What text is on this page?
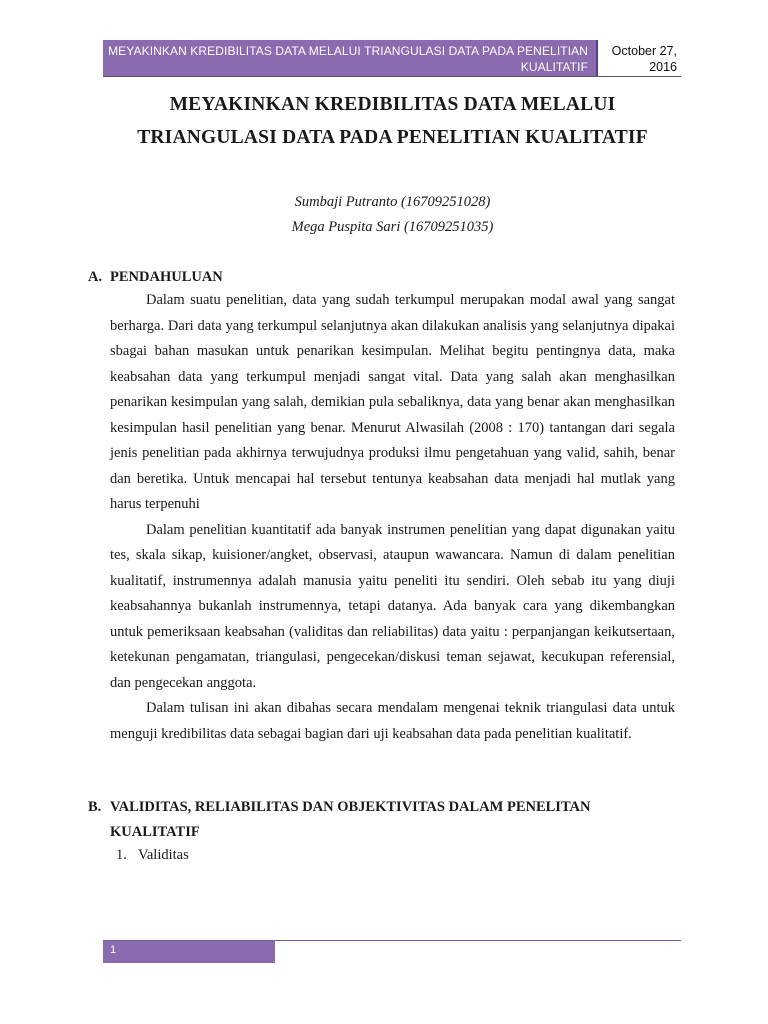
MEYAKINKAN KREDIBILITAS DATA MELALUI TRIANGULASI DATA PADA PENELITIAN
KUALITATIF
October 27,
2016
MEYAKINKAN KREDIBILITAS DATA MELALUI
TRIANGULASI DATA PADA PENELITIAN KUALITATIF
Sumbaji Putranto (16709251028)
Mega Puspita Sari (16709251035)
A. PENDAHULUAN

Dalam suatu penelitian, data yang sudah terkumpul merupakan modal awal yang sangat berharga. Dari data yang terkumpul selanjutnya akan dilakukan analisis yang selanjutnya dipakai sbagai bahan masukan untuk penarikan kesimpulan. Melihat begitu pentingnya data, maka keabsahan data yang terkumpul menjadi sangat vital. Data yang salah akan menghasilkan penarikan kesimpulan yang salah, demikian pula sebaliknya, data yang benar akan menghasilkan kesimpulan hasil penelitian yang benar. Menurut Alwasilah (2008 : 170) tantangan dari segala jenis penelitian pada akhirnya terwujudnya produksi ilmu pengetahuan yang valid, sahih, benar dan beretika. Untuk mencapai hal tersebut tentunya keabsahan data menjadi hal mutlak yang harus terpenuhi

Dalam penelitian kuantitatif ada banyak instrumen penelitian yang dapat digunakan yaitu tes, skala sikap, kuisioner/angket, observasi, ataupun wawancara. Namun di dalam penelitian kualitatif, instrumennya adalah manusia yaitu peneliti itu sendiri. Oleh sebab itu yang diuji keabsahannya bukanlah instrumennya, tetapi datanya. Ada banyak cara yang dikembangkan untuk pemeriksaan keabsahan (validitas dan reliabilitas) data yaitu : perpanjangan keikutsertaan, ketekunan pengamatan, triangulasi, pengecekan/diskusi teman sejawat, kecukupan referensial, dan pengecekan anggota.

Dalam tulisan ini akan dibahas secara mendalam mengenai teknik triangulasi data untuk menguji kredibilitas data sebagai bagian dari uji keabsahan data pada penelitian kualitatif.

B. VALIDITAS, RELIABILITAS DAN OBJEKTIVITAS DALAM PENELITAN
KUALITATIF
1. Validitas
1
